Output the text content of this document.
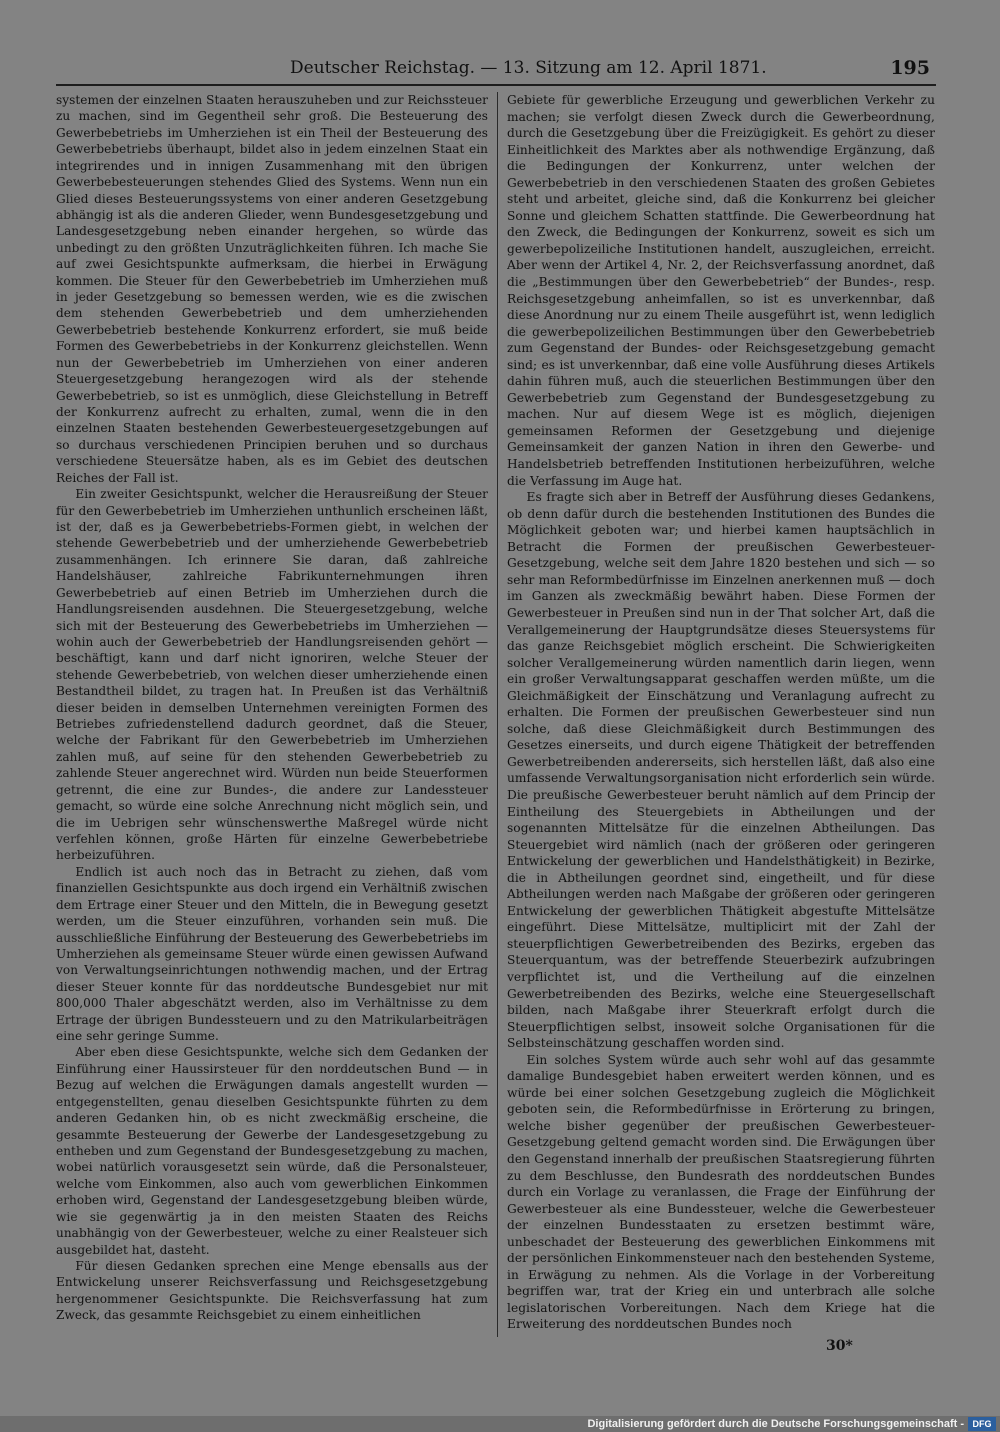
Deutscher Reichstag. — 13. Sitzung am 12. April 1871.	195

systemen der einzelnen Staaten herauszuheben und zur Reichssteuer zu machen, sind im Gegentheil sehr groß. Die Besteuerung des Gewerbebetriebs im Umherziehen ist ein Theil der Besteuerung des Gewerbebetriebs überhaupt, bildet also in jedem einzelnen Staat ein integrirendes und in innigen Zusammenhang mit den übrigen Gewerbebesteuerungen stehendes Glied des Systems. Wenn nun ein Glied dieses Besteuerungssystems von einer anderen Gesetzgebung abhängig ist als die anderen Glieder, wenn Bundesgesetzgebung und Landesgesetzgebung neben einander hergehen, so würde das unbedingt zu den größten Unzuträglichkeiten führen. Ich mache Sie auf zwei Gesichtspunkte aufmerksam, die hierbei in Erwägung kommen. Die Steuer für den Gewerbebetrieb im Umherziehen muß in jeder Gesetzgebung so bemessen werden, wie es die zwischen dem stehenden Gewerbebetrieb und dem umherziehenden Gewerbebetrieb bestehende Konkurrenz erfordert, sie muß beide Formen des Gewerbebetriebs in der Konkurrenz gleichstellen. Wenn nun der Gewerbebetrieb im Umherziehen von einer anderen Steuergesetzgebung herangezogen wird als der stehende Gewerbebetrieb, so ist es unmöglich, diese Gleichstellung in Betreff der Konkurrenz aufrecht zu erhalten, zumal, wenn die in den einzelnen Staaten bestehenden Gewerbesteuergesetzgebungen auf so durchaus verschiedenen Principien beruhen und so durchaus verschiedene Steuersätze haben, als es im Gebiet des deutschen Reiches der Fall ist.

Ein zweiter Gesichtspunkt, welcher die Herausreißung der Steuer für den Gewerbebetrieb im Umherziehen unthunlich erscheinen läßt, ist der, daß es ja Gewerbebetriebs-Formen giebt, in welchen der stehende Gewerbebetrieb und der umherziehende Gewerbebetrieb zusammenhängen. Ich erinnere Sie daran, daß zahlreiche Handelshäuser, zahlreiche Fabrikunternehmungen ihren Gewerbebetrieb auf einen Betrieb im Umherziehen durch die Handlungsreisenden ausdehnen. Die Steuergesetzgebung, welche sich mit der Besteuerung des Gewerbebetriebs im Umherziehen — wohin auch der Gewerbebetrieb der Handlungsreisenden gehört — beschäftigt, kann und darf nicht ignoriren, welche Steuer der stehende Gewerbebetrieb, von welchen dieser umherziehende einen Bestandtheil bildet, zu tragen hat. In Preußen ist das Verhältniß dieser beiden in demselben Unternehmen vereinigten Formen des Betriebes zufriedenstellend dadurch geordnet, daß die Steuer, welche der Fabrikant für den Gewerbebetrieb im Umherziehen zahlen muß, auf seine für den stehenden Gewerbebetrieb zu zahlende Steuer angerechnet wird. Würden nun beide Steuerformen getrennt, die eine zur Bundes-, die andere zur Landessteuer gemacht, so würde eine solche Anrechnung nicht möglich sein, und die im Uebrigen sehr wünschenswerthe Maßregel würde nicht verfehlen können, große Härten für einzelne Gewerbebetriebe herbeizuführen.

Endlich ist auch noch das in Betracht zu ziehen, daß vom finanziellen Gesichtspunkte aus doch irgend ein Verhältniß zwischen dem Ertrage einer Steuer und den Mitteln, die in Bewegung gesetzt werden, um die Steuer einzuführen, vorhanden sein muß. Die ausschließliche Einführung der Besteuerung des Gewerbebetriebs im Umherziehen als gemeinsame Steuer würde einen gewissen Aufwand von Verwaltungseinrichtungen nothwendig machen, und der Ertrag dieser Steuer konnte für das norddeutsche Bundesgebiet nur mit 800,000 Thaler abgeschätzt werden, also im Verhältnisse zu dem Ertrage der übrigen Bundessteuern und zu den Matrikularbeiträgen eine sehr geringe Summe.

Aber eben diese Gesichtspunkte, welche sich dem Gedanken der Einführung einer Haussirsteuer für den norddeutschen Bund — in Bezug auf welchen die Erwägungen damals angestellt wurden — entgegenstellten, genau dieselben Gesichtspunkte führten zu dem anderen Gedanken hin, ob es nicht zweckmäßig erscheine, die gesammte Besteuerung der Gewerbe der Landesgesetzgebung zu entheben und zum Gegenstand der Bundesgesetzgebung zu machen, wobei natürlich vorausgesetzt sein würde, daß die Personalsteuer, welche vom Einkommen, also auch vom gewerblichen Einkommen erhoben wird, Gegenstand der Landesgesetzgebung bleiben würde, wie sie gegenwärtig ja in den meisten Staaten des Reichs unabhängig von der Gewerbesteuer, welche zu einer Realsteuer sich ausgebildet hat, dasteht.

Für diesen Gedanken sprechen eine Menge ebensalls aus der Entwickelung unserer Reichsverfassung und Reichsgesetzgebung hergenommener Gesichtspunkte. Die Reichsverfassung hat zum Zweck, das gesammte Reichsgebiet zu einem einheitlichen

Gebiete für gewerbliche Erzeugung und gewerblichen Verkehr zu machen; sie verfolgt diesen Zweck durch die Gewerbeordnung, durch die Gesetzgebung über die Freizügigkeit. Es gehört zu dieser Einheitlichkeit des Marktes aber als nothwendige Ergänzung, daß die Bedingungen der Konkurrenz, unter welchen der Gewerbebetrieb in den verschiedenen Staaten des großen Gebietes steht und arbeitet, gleiche sind, daß die Konkurrenz bei gleicher Sonne und gleichem Schatten stattfinde. Die Gewerbeordnung hat den Zweck, die Bedingungen der Konkurrenz, soweit es sich um gewerbepolizeiliche Institutionen handelt, auszugleichen, erreicht. Aber wenn der Artikel 4, Nr. 2, der Reichsverfassung anordnet, daß die „Bestimmungen über den Gewerbebetrieb“ der Bundes-, resp. Reichsgesetzgebung anheimfallen, so ist es unverkennbar, daß diese Anordnung nur zu einem Theile ausgeführt ist, wenn lediglich die gewerbepolizeilichen Bestimmungen über den Gewerbebetrieb zum Gegenstand der Bundes- oder Reichsgesetzgebung gemacht sind; es ist unverkennbar, daß eine volle Ausführung dieses Artikels dahin führen muß, auch die steuerlichen Bestimmungen über den Gewerbebetrieb zum Gegenstand der Bundesgesetzgebung zu machen. Nur auf diesem Wege ist es möglich, diejenigen gemeinsamen Reformen der Gesetzgebung und diejenige Gemeinsamkeit der ganzen Nation in ihren den Gewerbe- und Handelsbetrieb betreffenden Institutionen herbeizuführen, welche die Verfassung im Auge hat.

Es fragte sich aber in Betreff der Ausführung dieses Gedankens, ob denn dafür durch die bestehenden Institutionen des Bundes die Möglichkeit geboten war; und hierbei kamen hauptsächlich in Betracht die Formen der preußischen Gewerbesteuer-Gesetzgebung, welche seit dem Jahre 1820 bestehen und sich — so sehr man Reformbedürfnisse im Einzelnen anerkennen muß — doch im Ganzen als zweckmäßig bewährt haben. Diese Formen der Gewerbesteuer in Preußen sind nun in der That solcher Art, daß die Verallgemeinerung der Hauptgrundsätze dieses Steuersystems für das ganze Reichsgebiet möglich erscheint. Die Schwierigkeiten solcher Verallgemeinerung würden namentlich darin liegen, wenn ein großer Verwaltungsapparat geschaffen werden müßte, um die Gleichmäßigkeit der Einschätzung und Veranlagung aufrecht zu erhalten. Die Formen der preußischen Gewerbesteuer sind nun solche, daß diese Gleichmäßigkeit durch Bestimmungen des Gesetzes einerseits, und durch eigene Thätigkeit der betreffenden Gewerbetreibenden andererseits, sich herstellen läßt, daß also eine umfassende Verwaltungsorganisation nicht erforderlich sein würde. Die preußische Gewerbesteuer beruht nämlich auf dem Princip der Eintheilung des Steuergebiets in Abtheilungen und der sogenannten Mittelsätze für die einzelnen Abtheilungen. Das Steuergebiet wird nämlich (nach der größeren oder geringeren Entwickelung der gewerblichen und Handelsthätigkeit) in Bezirke, die in Abtheilungen geordnet sind, eingetheilt, und für diese Abtheilungen werden nach Maßgabe der größeren oder geringeren Entwickelung der gewerblichen Thätigkeit abgestufte Mittelsätze eingeführt. Diese Mittelsätze, multiplicirt mit der Zahl der steuerpflichtigen Gewerbetreibenden des Bezirks, ergeben das Steuerquantum, was der betreffende Steuerbezirk aufzubringen verpflichtet ist, und die Vertheilung auf die einzelnen Gewerbetreibenden des Bezirks, welche eine Steuergesellschaft bilden, nach Maßgabe ihrer Steuerkraft erfolgt durch die Steuerpflichtigen selbst, insoweit solche Organisationen für die Selbsteinschätzung geschaffen worden sind.

Ein solches System würde auch sehr wohl auf das gesammte damalige Bundesgebiet haben erweitert werden können, und es würde bei einer solchen Gesetzgebung zugleich die Möglichkeit geboten sein, die Reformbedürfnisse in Erörterung zu bringen, welche bisher gegenüber der preußischen Gewerbesteuer-Gesetzgebung geltend gemacht worden sind. Die Erwägungen über den Gegenstand innerhalb der preußischen Staatsregierung führten zu dem Beschlusse, den Bundesrath des norddeutschen Bundes durch ein Vorlage zu veranlassen, die Frage der Einführung der Gewerbesteuer als eine Bundessteuer, welche die Gewerbesteuer der einzelnen Bundesstaaten zu ersetzen bestimmt wäre, unbeschadet der Besteuerung des gewerblichen Einkommens mit der persönlichen Einkommensteuer nach den bestehenden Systeme, in Erwägung zu nehmen. Als die Vorlage in der Vorbereitung begriffen war, trat der Krieg ein und unterbrach alle solche legislatorischen Vorbereitungen. Nach dem Kriege hat die Erweiterung des norddeutschen Bundes noch

30*
Digitalisierung gefördert durch die Deutsche Forschungsgemeinschaft - DFG
